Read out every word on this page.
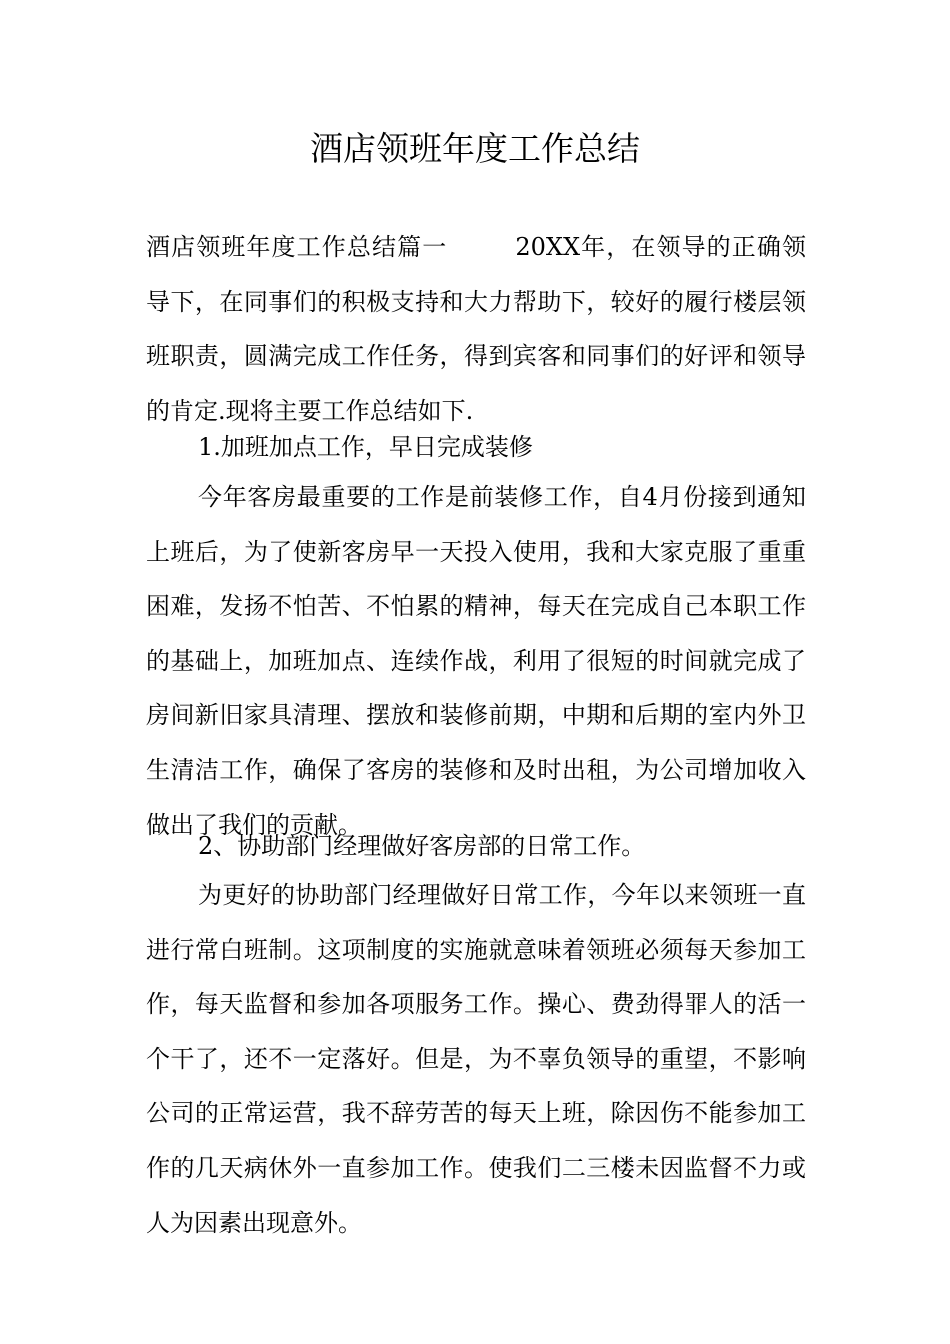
酒店领班年度工作总结

酒店领班年度工作总结篇一	20XX年，在领导的正确领导下，在同事们的积极支持和大力帮助下，较好的履行楼层领班职责，圆满完成工作任务，得到宾客和同事们的好评和领导的肯定.现将主要工作总结如下.

1.加班加点工作，早日完成装修

今年客房最重要的工作是前装修工作，自4月份接到通知上班后，为了使新客房早一天投入使用，我和大家克服了重重困难，发扬不怕苦、不怕累的精神，每天在完成自己本职工作的基础上，加班加点、连续作战，利用了很短的时间就完成了房间新旧家具清理、摆放和装修前期，中期和后期的室内外卫生清洁工作，确保了客房的装修和及时出租，为公司增加收入做出了我们的贡献。

2、协助部门经理做好客房部的日常工作。

为更好的协助部门经理做好日常工作，今年以来领班一直进行常白班制。这项制度的实施就意味着领班必须每天参加工作，每天监督和参加各项服务工作。操心、费劲得罪人的活一个干了，还不一定落好。但是，为不辜负领导的重望，不影响公司的正常运营，我不辞劳苦的每天上班，除因伤不能参加工作的几天病休外一直参加工作。使我们二三楼未因监督不力或人为因素出现意外。
